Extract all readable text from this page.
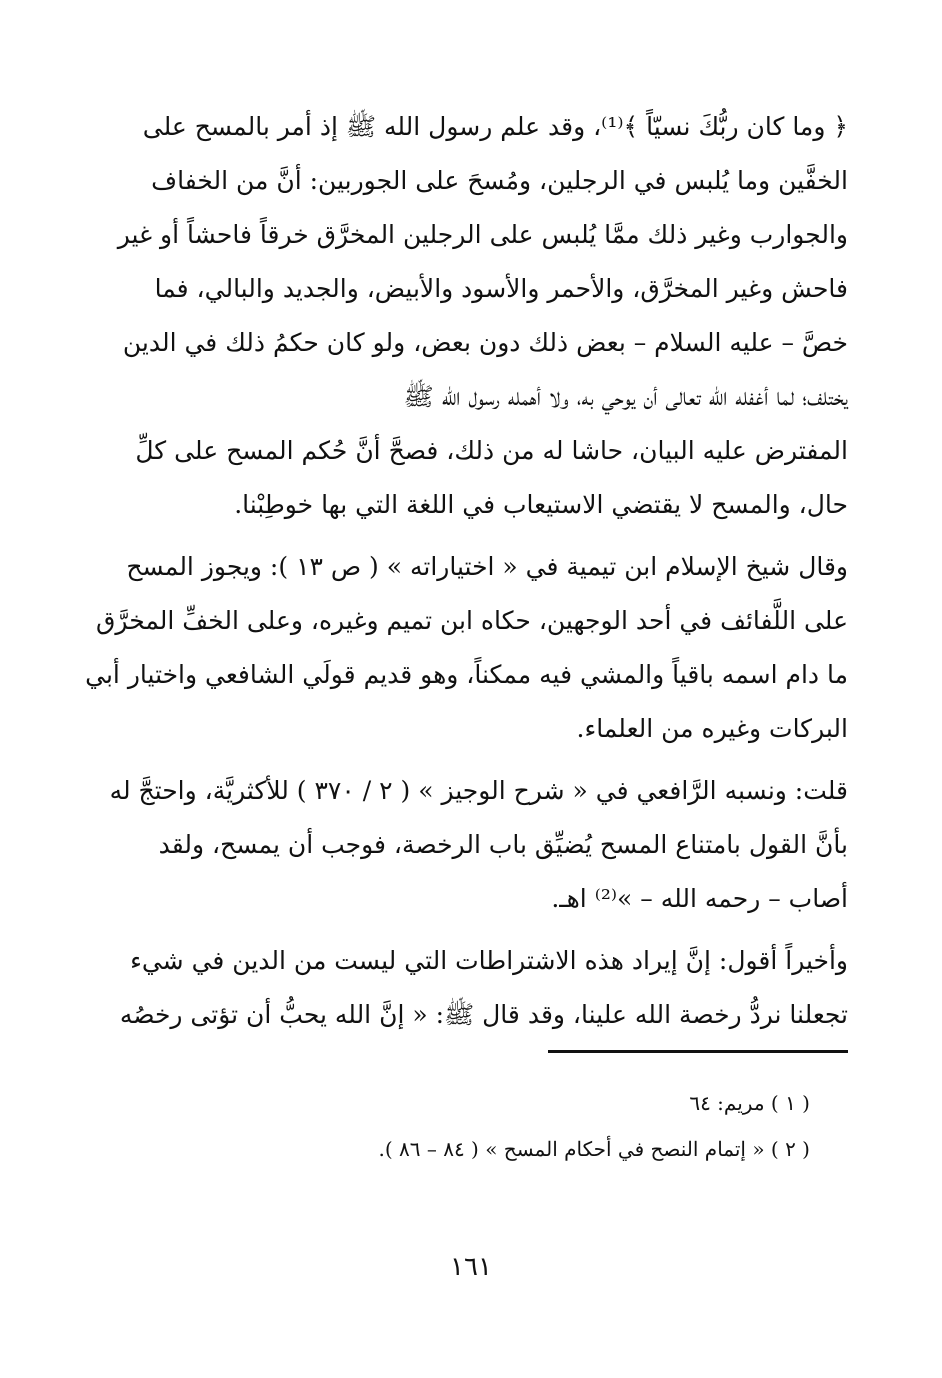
﴿ وما كان ربُّكَ نسيّاً ﴾⁽¹⁾، وقد علم رسول الله ﷺ إذ أمر بالمسح على
الخفَّين وما يُلبس في الرجلين، ومُسحَ على الجوربين: أنَّ من الخفاف
والجوارب وغير ذلك ممَّا يُلبس على الرجلين المخرَّق خرقاً فاحشاً أو غير
فاحش وغير المخرَّق، والأحمر والأسود والأبيض، والجديد والبالي، فما
خصَّ – عليه السلام – بعض ذلك دون بعض، ولو كان حكمُ ذلك في الدين
يختلف؛ لما أغفله الله تعالى أن يوحي به، ولا أهمله رسول الله ﷺ
المفترض عليه البيان، حاشا له من ذلك، فصحَّ أنَّ حُكم المسح على كلِّ
حال، والمسح لا يقتضي الاستيعاب في اللغة التي بها خوطِبْنا.

وقال شيخ الإسلام ابن تيمية في « اختياراته » ( ص ١٣ ): ويجوز المسح
على اللَّفائف في أحد الوجهين، حكاه ابن تميم وغيره، وعلى الخفِّ المخرَّق
ما دام اسمه باقياً والمشي فيه ممكناً، وهو قديم قولَي الشافعي واختيار أبي
البركات وغيره من العلماء.

قلت: ونسبه الرَّافعي في « شرح الوجيز » ( ٢ / ٣٧٠ ) للأكثريَّة، واحتجَّ له
بأنَّ القول بامتناع المسح يُضيِّق باب الرخصة، فوجب أن يمسح، ولقد
أصاب – رحمه الله – »⁽²⁾ اهـ.

وأخيراً أقول: إنَّ إيراد هذه الاشتراطات التي ليست من الدين في شيء
تجعلنا نردُّ رخصة الله علينا، وقد قال ﷺ: « إنَّ الله يحبُّ أن تؤتى رخصُه

( ١ ) مريم: ٦٤
( ٢ ) « إتمام النصح في أحكام المسح » ( ٨٤ – ٨٦ ).
١٦١
